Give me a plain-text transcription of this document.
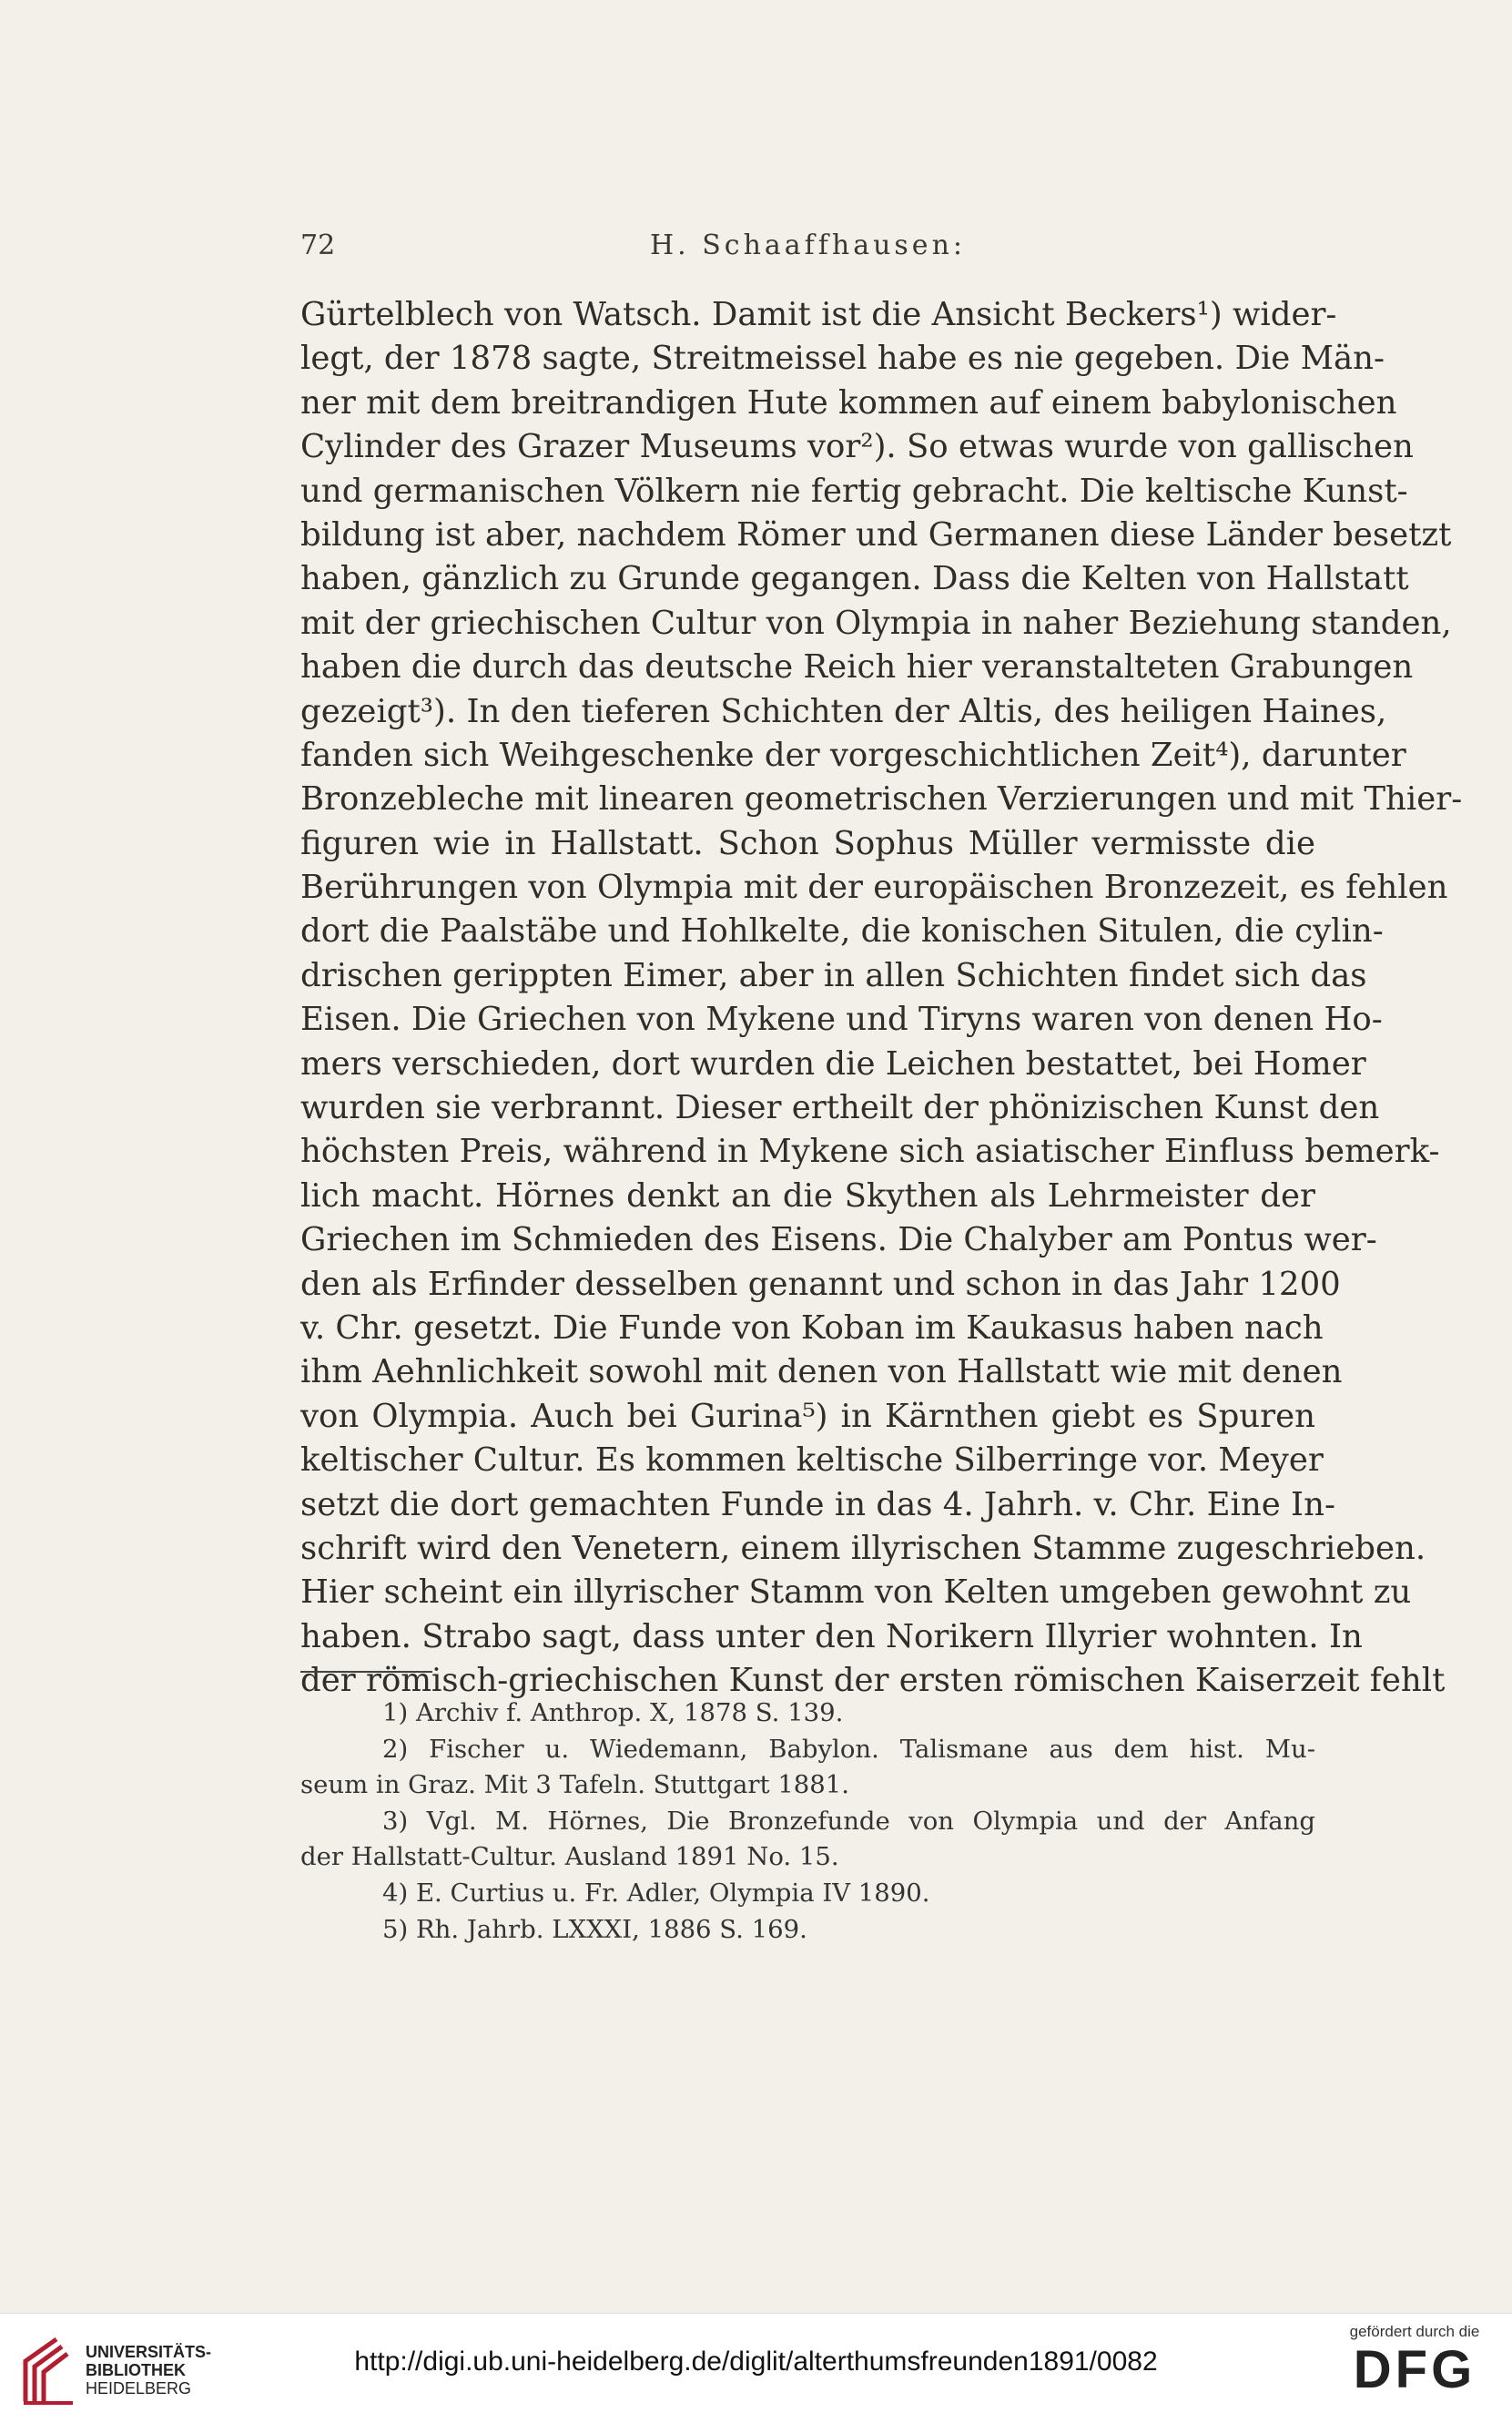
72	H. Schaaffhausen:
Gürtelblech von Watsch. Damit ist die Ansicht Beckers¹) wider-
legt, der 1878 sagte, Streitmeissel habe es nie gegeben. Die Män-
ner mit dem breitrandigen Hute kommen auf einem babylonischen
Cylinder des Grazer Museums vor²). So etwas wurde von gallischen
und germanischen Völkern nie fertig gebracht. Die keltische Kunst-
bildung ist aber, nachdem Römer und Germanen diese Länder besetzt
haben, gänzlich zu Grunde gegangen. Dass die Kelten von Hallstatt
mit der griechischen Cultur von Olympia in naher Beziehung standen,
haben die durch das deutsche Reich hier veranstalteten Grabungen
gezeigt³). In den tieferen Schichten der Altis, des heiligen Haines,
fanden sich Weihgeschenke der vorgeschichtlichen Zeit⁴), darunter
Bronzebleche mit linearen geometrischen Verzierungen und mit Thier-
figuren wie in Hallstatt. Schon Sophus Müller vermisste die
Berührungen von Olympia mit der europäischen Bronzezeit, es fehlen
dort die Paalstäbe und Hohlkelte, die konischen Situlen, die cylin-
drischen gerippten Eimer, aber in allen Schichten findet sich das
Eisen. Die Griechen von Mykene und Tiryns waren von denen Ho-
mers verschieden, dort wurden die Leichen bestattet, bei Homer
wurden sie verbrannt. Dieser ertheilt der phönizischen Kunst den
höchsten Preis, während in Mykene sich asiatischer Einfluss bemerk-
lich macht. Hörnes denkt an die Skythen als Lehrmeister der
Griechen im Schmieden des Eisens. Die Chalyber am Pontus wer-
den als Erfinder desselben genannt und schon in das Jahr 1200
v. Chr. gesetzt. Die Funde von Koban im Kaukasus haben nach
ihm Aehnlichkeit sowohl mit denen von Hallstatt wie mit denen
von Olympia. Auch bei Gurina⁵) in Kärnthen giebt es Spuren
keltischer Cultur. Es kommen keltische Silberringe vor. Meyer
setzt die dort gemachten Funde in das 4. Jahrh. v. Chr. Eine In-
schrift wird den Venetern, einem illyrischen Stamme zugeschrieben.
Hier scheint ein illyrischer Stamm von Kelten umgeben gewohnt zu
haben. Strabo sagt, dass unter den Norikern Illyrier wohnten. In
der römisch-griechischen Kunst der ersten römischen Kaiserzeit fehlt
1) Archiv f. Anthrop. X, 1878 S. 139.
2) Fischer u. Wiedemann, Babylon. Talismane aus dem hist. Mu-
seum in Graz. Mit 3 Tafeln. Stuttgart 1881.
3) Vgl. M. Hörnes, Die Bronzefunde von Olympia und der Anfang
der Hallstatt-Cultur. Ausland 1891 No. 15.
4) E. Curtius u. Fr. Adler, Olympia IV 1890.
5) Rh. Jahrb. LXXXI, 1886 S. 169.
UNIVERSITÄTS-
BIBLIOTHEK
HEIDELBERG
http://digi.ub.uni-heidelberg.de/diglit/alterthumsfreunden1891/0082
gefördert durch die
DFG
